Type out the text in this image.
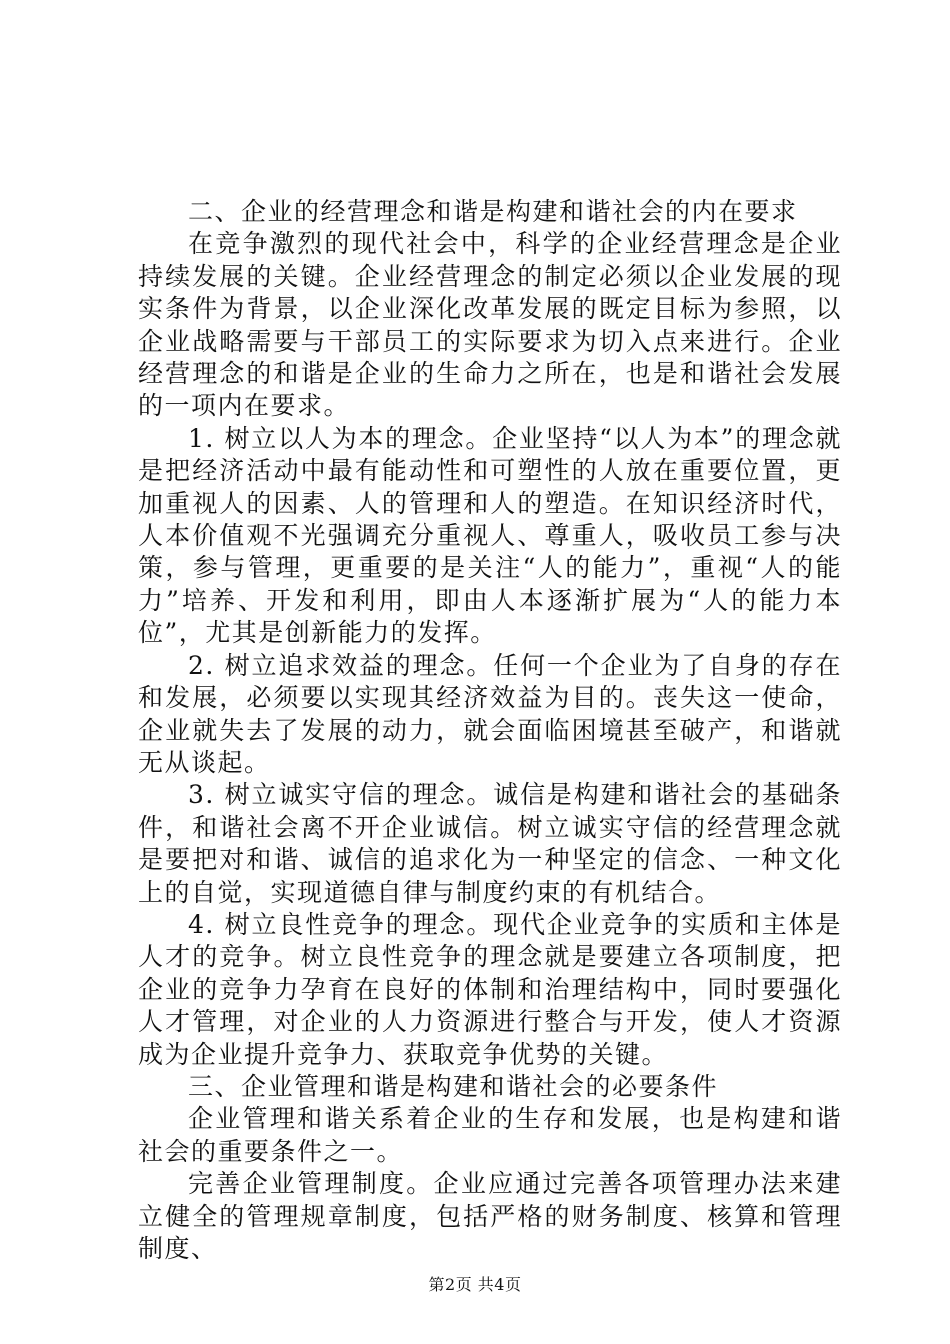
二、企业的经营理念和谐是构建和谐社会的内在要求

在竞争激烈的现代社会中，科学的企业经营理念是企业持续发展的关键。企业经营理念的制定必须以企业发展的现实条件为背景，以企业深化改革发展的既定目标为参照，以企业战略需要与干部员工的实际要求为切入点来进行。企业经营理念的和谐是企业的生命力之所在，也是和谐社会发展的一项内在要求。

1. 树立以人为本的理念。企业坚持“以人为本”的理念就是把经济活动中最有能动性和可塑性的人放在重要位置，更加重视人的因素、人的管理和人的塑造。在知识经济时代，人本价值观不光强调充分重视人、尊重人，吸收员工参与决策，参与管理，更重要的是关注“人的能力”，重视“人的能力”培养、开发和利用，即由人本逐渐扩展为“人的能力本位”，尤其是创新能力的发挥。

2. 树立追求效益的理念。任何一个企业为了自身的存在和发展，必须要以实现其经济效益为目的。丧失这一使命，企业就失去了发展的动力，就会面临困境甚至破产，和谐就无从谈起。

3. 树立诚实守信的理念。诚信是构建和谐社会的基础条件，和谐社会离不开企业诚信。树立诚实守信的经营理念就是要把对和谐、诚信的追求化为一种坚定的信念、一种文化上的自觉，实现道德自律与制度约束的有机结合。

4. 树立良性竞争的理念。现代企业竞争的实质和主体是人才的竞争。树立良性竞争的理念就是要建立各项制度，把企业的竞争力孕育在良好的体制和治理结构中，同时要强化人才管理，对企业的人力资源进行整合与开发，使人才资源成为企业提升竞争力、获取竞争优势的关键。

三、企业管理和谐是构建和谐社会的必要条件

企业管理和谐关系着企业的生存和发展，也是构建和谐社会的重要条件之一。

完善企业管理制度。企业应通过完善各项管理办法来建立健全的管理规章制度，包括严格的财务制度、核算和管理制度、

第2页 共4页
